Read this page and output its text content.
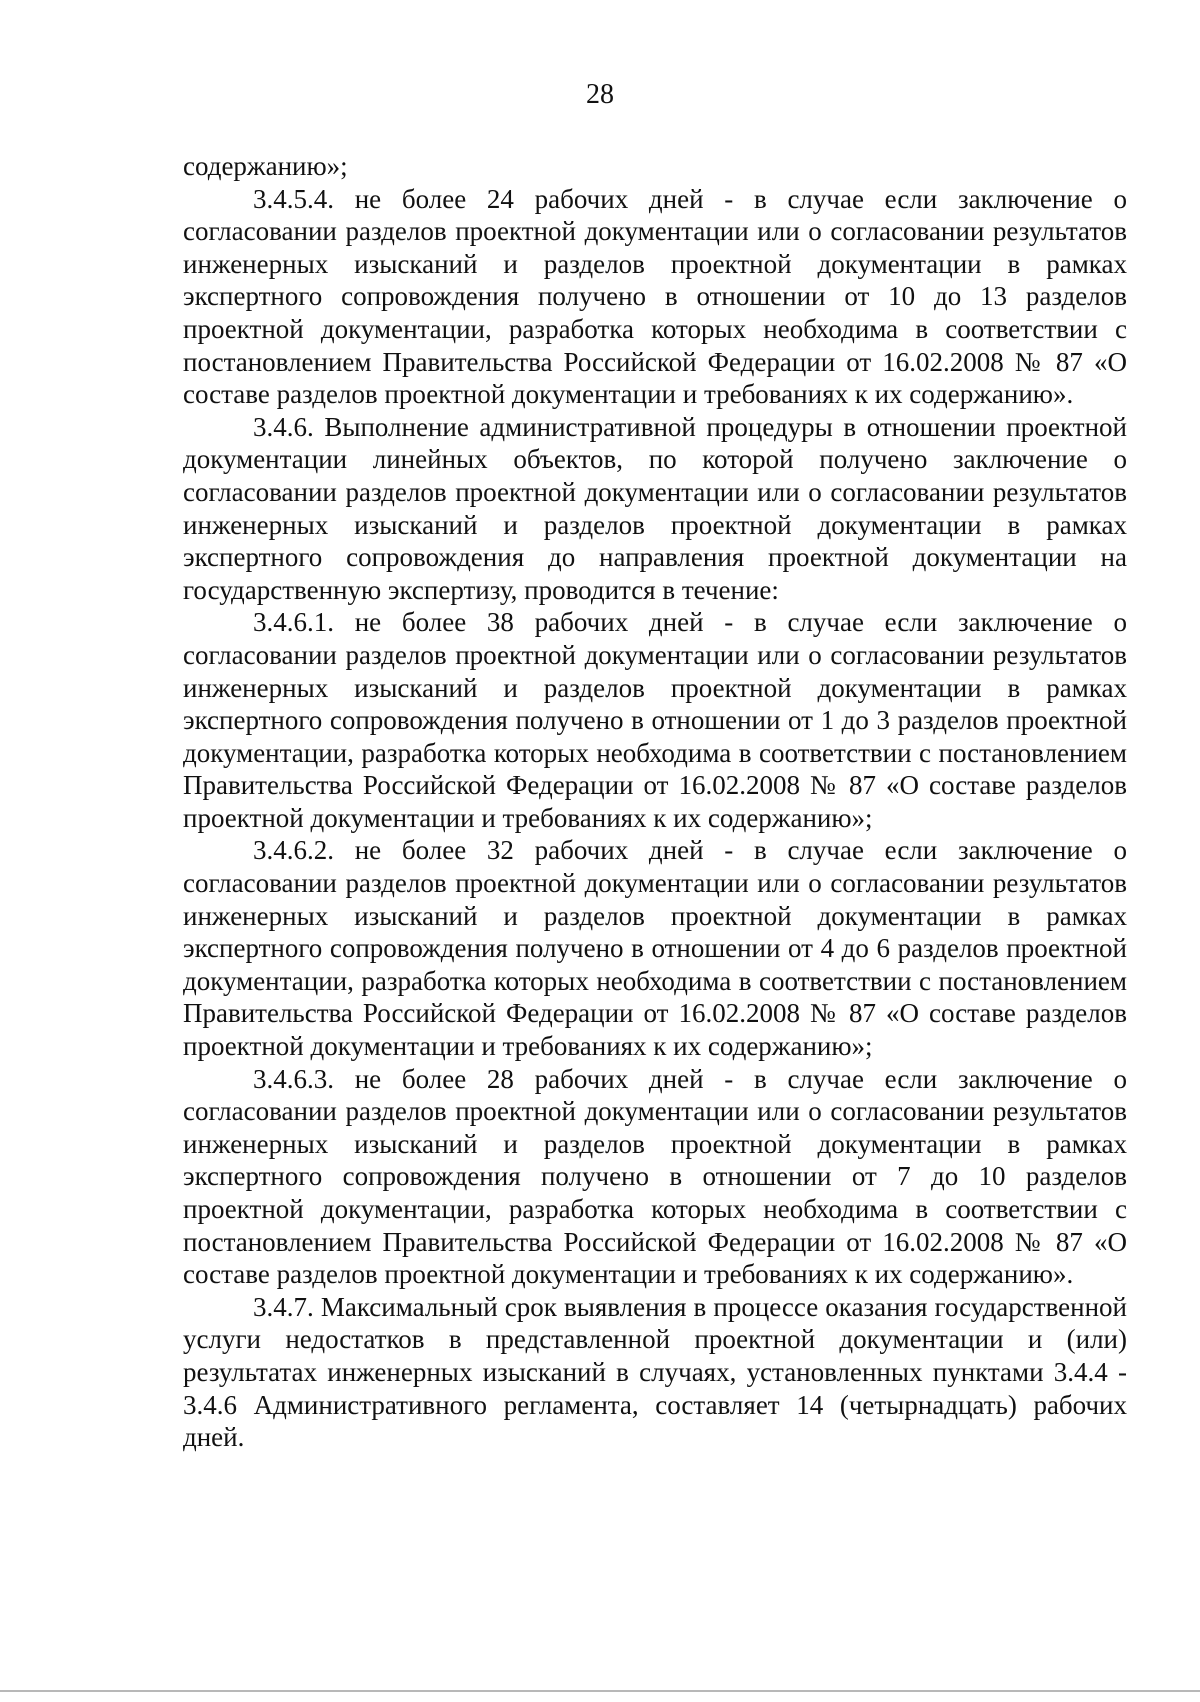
28

содержанию»;

3.4.5.4. не более 24 рабочих дней - в случае если заключение о согласовании разделов проектной документации или о согласовании результатов инженерных изысканий и разделов проектной документации в рамках экспертного сопровождения получено в отношении от 10 до 13 разделов проектной документации, разработка которых необходима в соответствии с постановлением Правительства Российской Федерации от 16.02.2008 № 87 «О составе разделов проектной документации и требованиях к их содержанию».

3.4.6. Выполнение административной процедуры в отношении проектной документации линейных объектов, по которой получено заключение о согласовании разделов проектной документации или о согласовании результатов инженерных изысканий и разделов проектной документации в рамках экспертного сопровождения до направления проектной документации на государственную экспертизу, проводится в течение:

3.4.6.1. не более 38 рабочих дней - в случае если заключение о согласовании разделов проектной документации или о согласовании результатов инженерных изысканий и разделов проектной документации в рамках экспертного сопровождения получено в отношении от 1 до 3 разделов проектной документации, разработка которых необходима в соответствии с постановлением Правительства Российской Федерации от 16.02.2008 № 87 «О составе разделов проектной документации и требованиях к их содержанию»;

3.4.6.2. не более 32 рабочих дней - в случае если заключение о согласовании разделов проектной документации или о согласовании результатов инженерных изысканий и разделов проектной документации в рамках экспертного сопровождения получено в отношении от 4 до 6 разделов проектной документации, разработка которых необходима в соответствии с постановлением Правительства Российской Федерации от 16.02.2008 № 87 «О составе разделов проектной документации и требованиях к их содержанию»;

3.4.6.3. не более 28 рабочих дней - в случае если заключение о согласовании разделов проектной документации или о согласовании результатов инженерных изысканий и разделов проектной документации в рамках экспертного сопровождения получено в отношении от 7 до 10 разделов проектной документации, разработка которых необходима в соответствии с постановлением Правительства Российской Федерации от 16.02.2008 № 87 «О составе разделов проектной документации и требованиях к их содержанию».

3.4.7. Максимальный срок выявления в процессе оказания государственной услуги недостатков в представленной проектной документации и (или) результатах инженерных изысканий в случаях, установленных пунктами 3.4.4 - 3.4.6 Административного регламента, составляет 14 (четырнадцать) рабочих дней.
